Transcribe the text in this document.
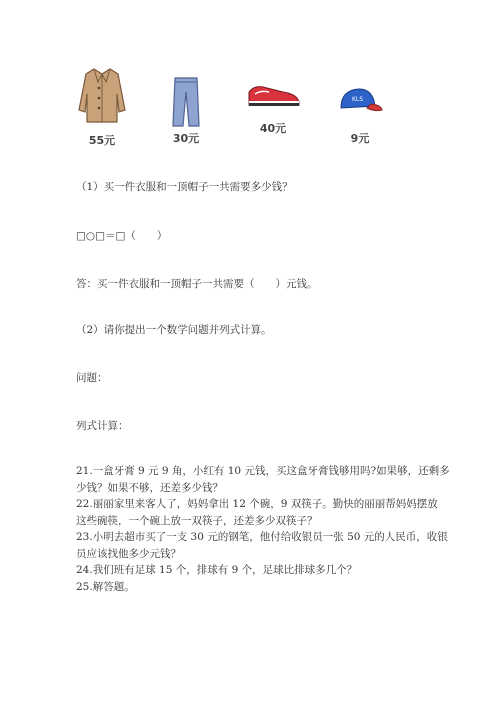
55元	30元
40元
KLS
9元
（1）买一件衣服和一顶帽子一共需要多少钱？
□○□＝□（　　）
答：买一件衣服和一顶帽子一共需要（　　）元钱。
（2）请你提出一个数学问题并列式计算。
问题：
列式计算：
21.一盒牙膏 9 元 9 角，小红有 10 元钱，买这盒牙膏钱够用吗?如果够，还剩多
少钱？如果不够，还差多少钱？
22.丽丽家里来客人了，妈妈拿出 12 个碗，9 双筷子。勤快的丽丽帮妈妈摆放
这些碗筷，一个碗上放一双筷子，还差多少双筷子？
23.小明去超市买了一支 30 元的钢笔，他付给收银员一张 50 元的人民币，收银
员应该找他多少元钱？
24.我们班有足球 15 个，排球有 9 个，足球比排球多几个？
25.解答题。
